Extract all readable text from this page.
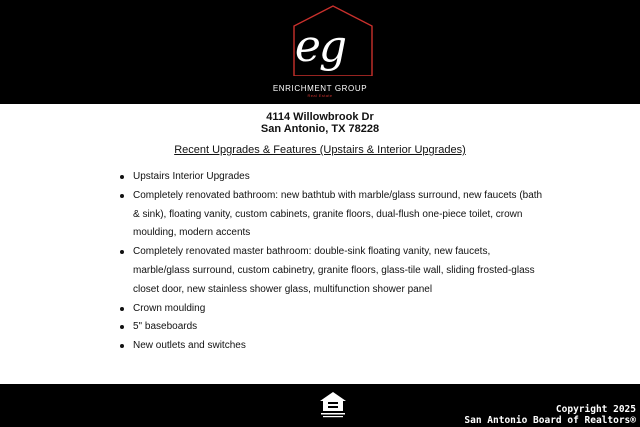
eg
ENRICHMENT GROUP
Real Estate
4114 Willowbrook Dr
San Antonio, TX 78228
Recent Upgrades & Features (Upstairs & Interior Upgrades)
Upstairs Interior Upgrades
Completely renovated bathroom: new bathtub with marble/glass surround, new faucets (bath & sink), floating vanity, custom cabinets, granite floors, dual-flush one-piece toilet, crown moulding, modern accents
Completely renovated master bathroom: double-sink floating vanity, new faucets, marble/glass surround, custom cabinetry, granite floors, glass-tile wall, sliding frosted-glass closet door, new stainless shower glass, multifunction shower panel
Crown moulding
5" baseboards
New outlets and switches
Copyright 2025
San Antonio Board of Realtors®
